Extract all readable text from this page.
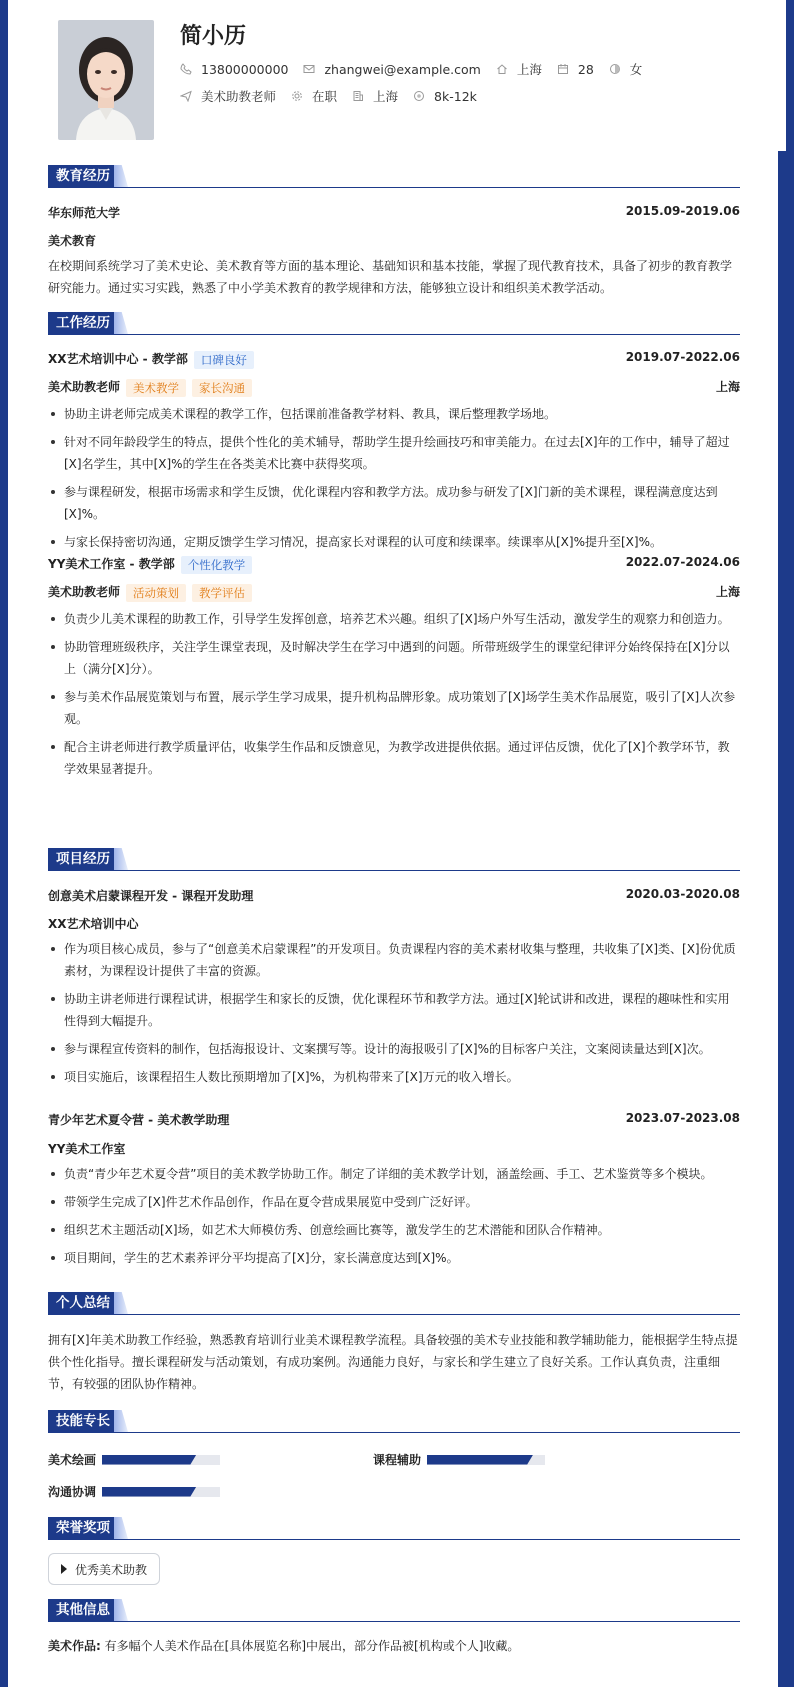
简小历
13800000000	zhangwei@example.com	上海	28	女
美术助教老师	在职	上海	8k-12k
教育经历
华东师范大学	2015.09-2019.06
美术教育
在校期间系统学习了美术史论、美术教育等方面的基本理论、基础知识和基本技能，掌握了现代教育技术，具备了初步的教育教学研究能力。通过实习实践，熟悉了中小学美术教育的教学规律和方法，能够独立设计和组织美术教学活动。
工作经历
XX艺术培训中心 - 教学部 口碑良好	2019.07-2022.06
美术助教老师 美术教学 家长沟通	上海
协助主讲老师完成美术课程的教学工作，包括课前准备教学材料、教具，课后整理教学场地。
针对不同年龄段学生的特点，提供个性化的美术辅导，帮助学生提升绘画技巧和审美能力。在过去[X]年的工作中，辅导了超过[X]名学生，其中[X]%的学生在各类美术比赛中获得奖项。
参与课程研发，根据市场需求和学生反馈，优化课程内容和教学方法。成功参与研发了[X]门新的美术课程，课程满意度达到[X]%。
与家长保持密切沟通，定期反馈学生学习情况，提高家长对课程的认可度和续课率。续课率从[X]%提升至[X]%。
YY美术工作室 - 教学部 个性化教学	2022.07-2024.06
美术助教老师 活动策划 教学评估	上海
负责少儿美术课程的助教工作，引导学生发挥创意，培养艺术兴趣。组织了[X]场户外写生活动，激发学生的观察力和创造力。
协助管理班级秩序，关注学生课堂表现，及时解决学生在学习中遇到的问题。所带班级学生的课堂纪律评分始终保持在[X]分以上（满分[X]分）。
参与美术作品展览策划与布置，展示学生学习成果，提升机构品牌形象。成功策划了[X]场学生美术作品展览，吸引了[X]人次参观。
配合主讲老师进行教学质量评估，收集学生作品和反馈意见，为教学改进提供依据。通过评估反馈，优化了[X]个教学环节，教学效果显著提升。
项目经历
创意美术启蒙课程开发 - 课程开发助理	2020.03-2020.08
XX艺术培训中心
作为项目核心成员，参与了“创意美术启蒙课程”的开发项目。负责课程内容的美术素材收集与整理，共收集了[X]类、[X]份优质素材，为课程设计提供了丰富的资源。
协助主讲老师进行课程试讲，根据学生和家长的反馈，优化课程环节和教学方法。通过[X]轮试讲和改进，课程的趣味性和实用性得到大幅提升。
参与课程宣传资料的制作，包括海报设计、文案撰写等。设计的海报吸引了[X]%的目标客户关注，文案阅读量达到[X]次。
项目实施后，该课程招生人数比预期增加了[X]%，为机构带来了[X]万元的收入增长。
青少年艺术夏令营 - 美术教学助理	2023.07-2023.08
YY美术工作室
负责“青少年艺术夏令营”项目的美术教学协助工作。制定了详细的美术教学计划，涵盖绘画、手工、艺术鉴赏等多个模块。
带领学生完成了[X]件艺术作品创作，作品在夏令营成果展览中受到广泛好评。
组织艺术主题活动[X]场，如艺术大师模仿秀、创意绘画比赛等，激发学生的艺术潜能和团队合作精神。
项目期间，学生的艺术素养评分平均提高了[X]分，家长满意度达到[X]%。
个人总结
拥有[X]年美术助教工作经验，熟悉教育培训行业美术课程教学流程。具备较强的美术专业技能和教学辅助能力，能根据学生特点提供个性化指导。擅长课程研发与活动策划，有成功案例。沟通能力良好，与家长和学生建立了良好关系。工作认真负责，注重细节，有较强的团队协作精神。
技能专长
美术绘画	课程辅助
沟通协调
荣誉奖项
优秀美术助教
其他信息
美术作品: 有多幅个人美术作品在[具体展览名称]中展出，部分作品被[机构或个人]收藏。
